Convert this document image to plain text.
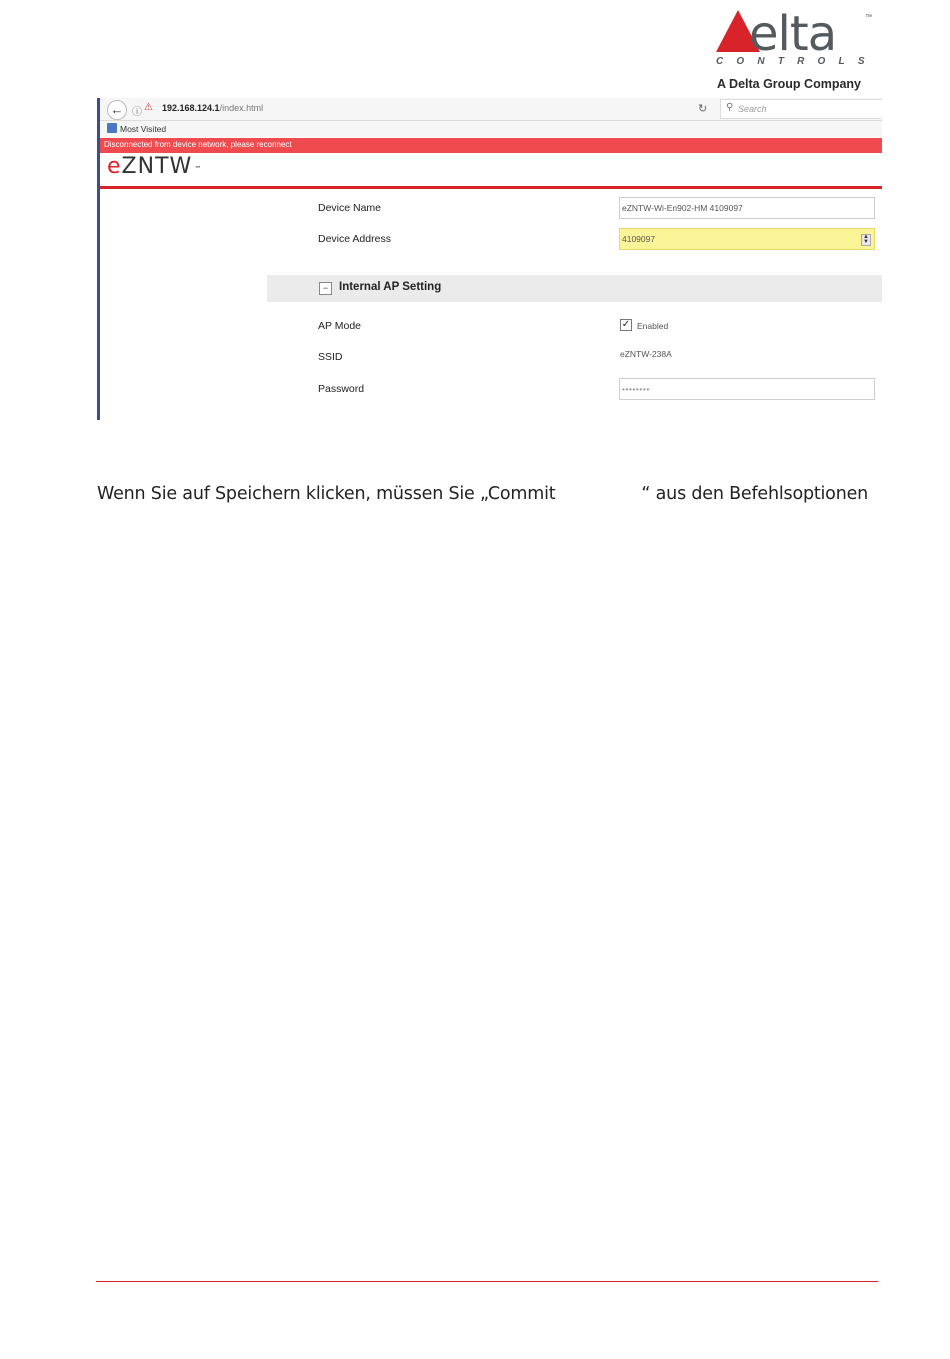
elta	™
CONTROLS
A Delta Group Company
← ⓘ ⚠ 192.168.124.1/index.html	↻ ⚲ Search
Most Visited
Disconnected from device network, please reconnect
eZNTW ™
Device Name	eZNTW-Wi-En902-HM 4109097
Device Address	4109097	▲
▼
− Internal AP Setting
AP Mode	✓ Enabled
SSID	eZNTW-238A
Password	••••••••
Wenn Sie auf Speichern klicken, müssen Sie „Commit	“ aus den Befehlsoptionen
